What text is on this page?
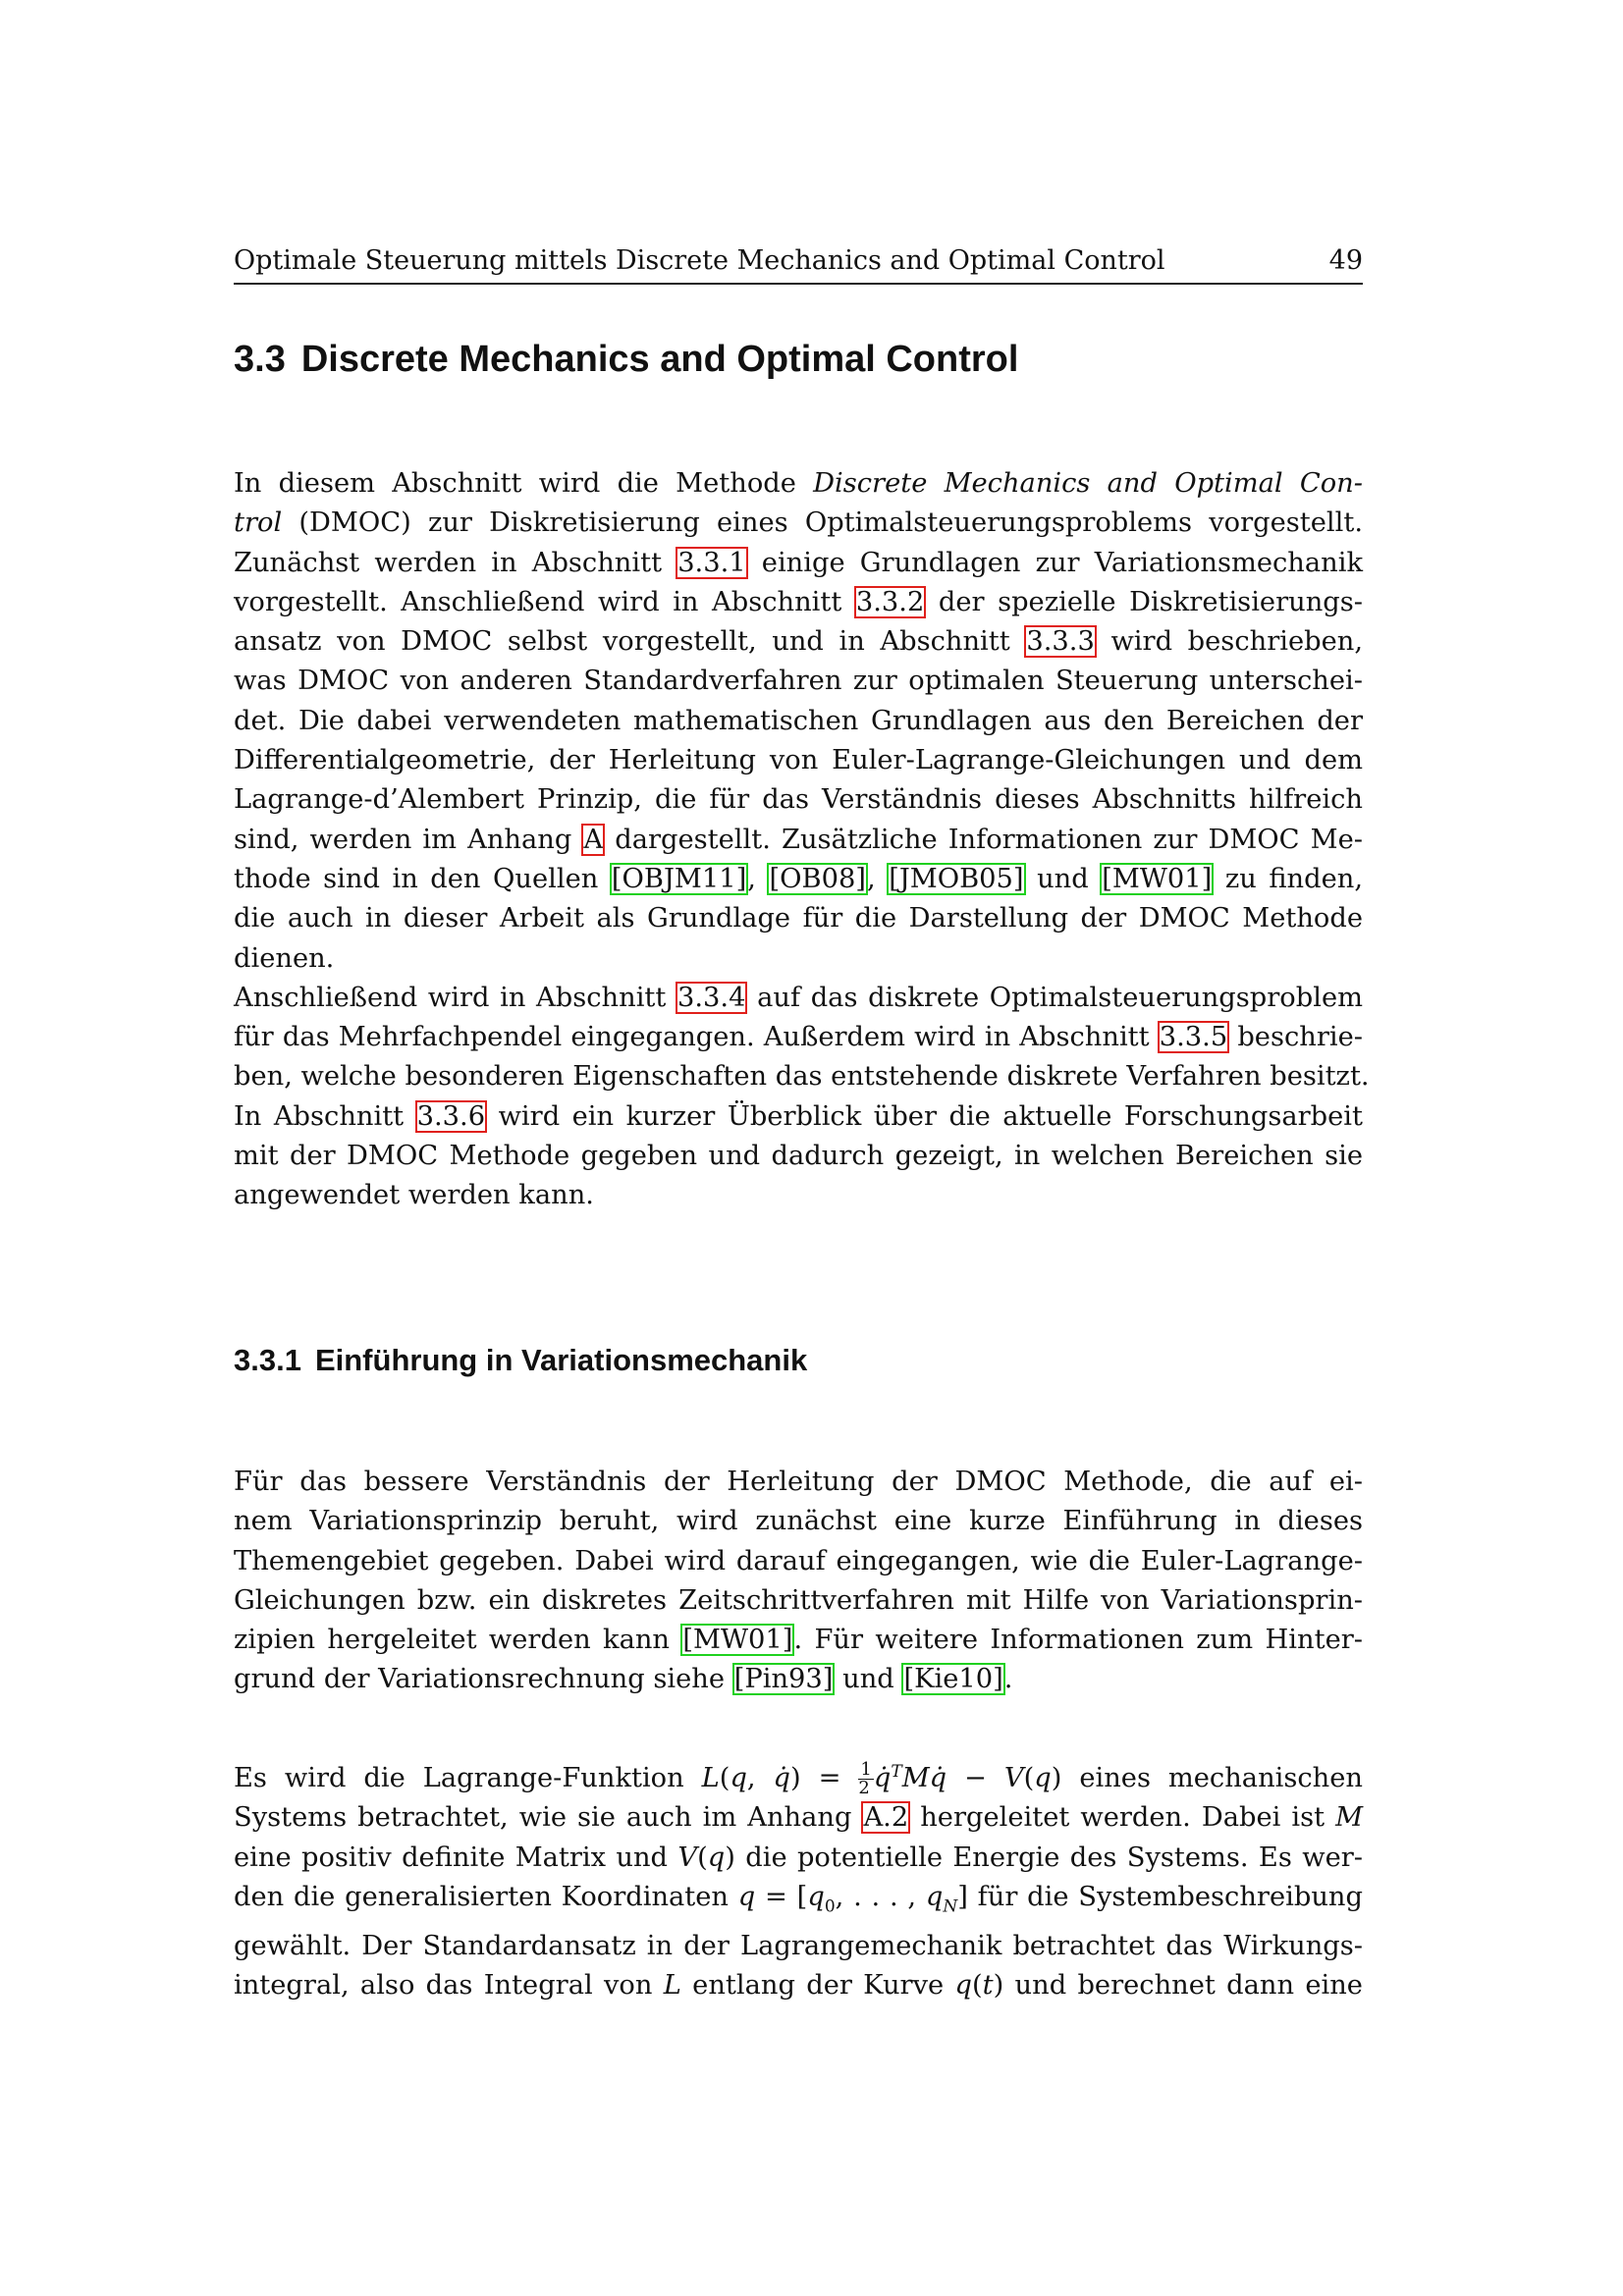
Optimale Steuerung mittels Discrete Mechanics and Optimal Control	49
3.3 Discrete Mechanics and Optimal Control
In diesem Abschnitt wird die Methode Discrete Mechanics and Optimal Con-
trol (DMOC) zur Diskretisierung eines Optimalsteuerungsproblems vorgestellt.
Zunächst werden in Abschnitt 3.3.1 einige Grundlagen zur Variationsmechanik
vorgestellt. Anschließend wird in Abschnitt 3.3.2 der spezielle Diskretisierungs-
ansatz von DMOC selbst vorgestellt, und in Abschnitt 3.3.3 wird beschrieben,
was DMOC von anderen Standardverfahren zur optimalen Steuerung unterschei-
det. Die dabei verwendeten mathematischen Grundlagen aus den Bereichen der
Differentialgeometrie, der Herleitung von Euler-Lagrange-Gleichungen und dem
Lagrange-d’Alembert Prinzip, die für das Verständnis dieses Abschnitts hilfreich
sind, werden im Anhang A dargestellt. Zusätzliche Informationen zur DMOC Me-
thode sind in den Quellen [OBJM11], [OB08], [JMOB05] und [MW01] zu finden,
die auch in dieser Arbeit als Grundlage für die Darstellung der DMOC Methode
dienen.
Anschließend wird in Abschnitt 3.3.4 auf das diskrete Optimalsteuerungsproblem
für das Mehrfachpendel eingegangen. Außerdem wird in Abschnitt 3.3.5 beschrie-
ben, welche besonderen Eigenschaften das entstehende diskrete Verfahren besitzt.
In Abschnitt 3.3.6 wird ein kurzer Überblick über die aktuelle Forschungsarbeit
mit der DMOC Methode gegeben und dadurch gezeigt, in welchen Bereichen sie
angewendet werden kann.
3.3.1 Einführung in Variationsmechanik
Für das bessere Verständnis der Herleitung der DMOC Methode, die auf ei-
nem Variationsprinzip beruht, wird zunächst eine kurze Einführung in dieses
Themengebiet gegeben. Dabei wird darauf eingegangen, wie die Euler-Lagrange-
Gleichungen bzw. ein diskretes Zeitschrittverfahren mit Hilfe von Variationsprin-
zipien hergeleitet werden kann [MW01]. Für weitere Informationen zum Hinter-
grund der Variationsrechnung siehe [Pin93] und [Kie10].
Es wird die Lagrange-Funktion L(q, q̇) = $\frac{1}{2}$ q̇$^T$Mq̇ − V(q) eines mechanischen
Systems betrachtet, wie sie auch im Anhang A.2 hergeleitet werden. Dabei ist M
eine positiv definite Matrix und V(q) die potentielle Energie des Systems. Es wer-
den die generalisierten Koordinaten $q = [q_0$, . . . , $q_N$] für die Systembeschreibung
gewählt. Der Standardansatz in der Lagrangemechanik betrachtet das Wirkungs-
integral, also das Integral von L entlang der Kurve q(t) und berechnet dann eine
